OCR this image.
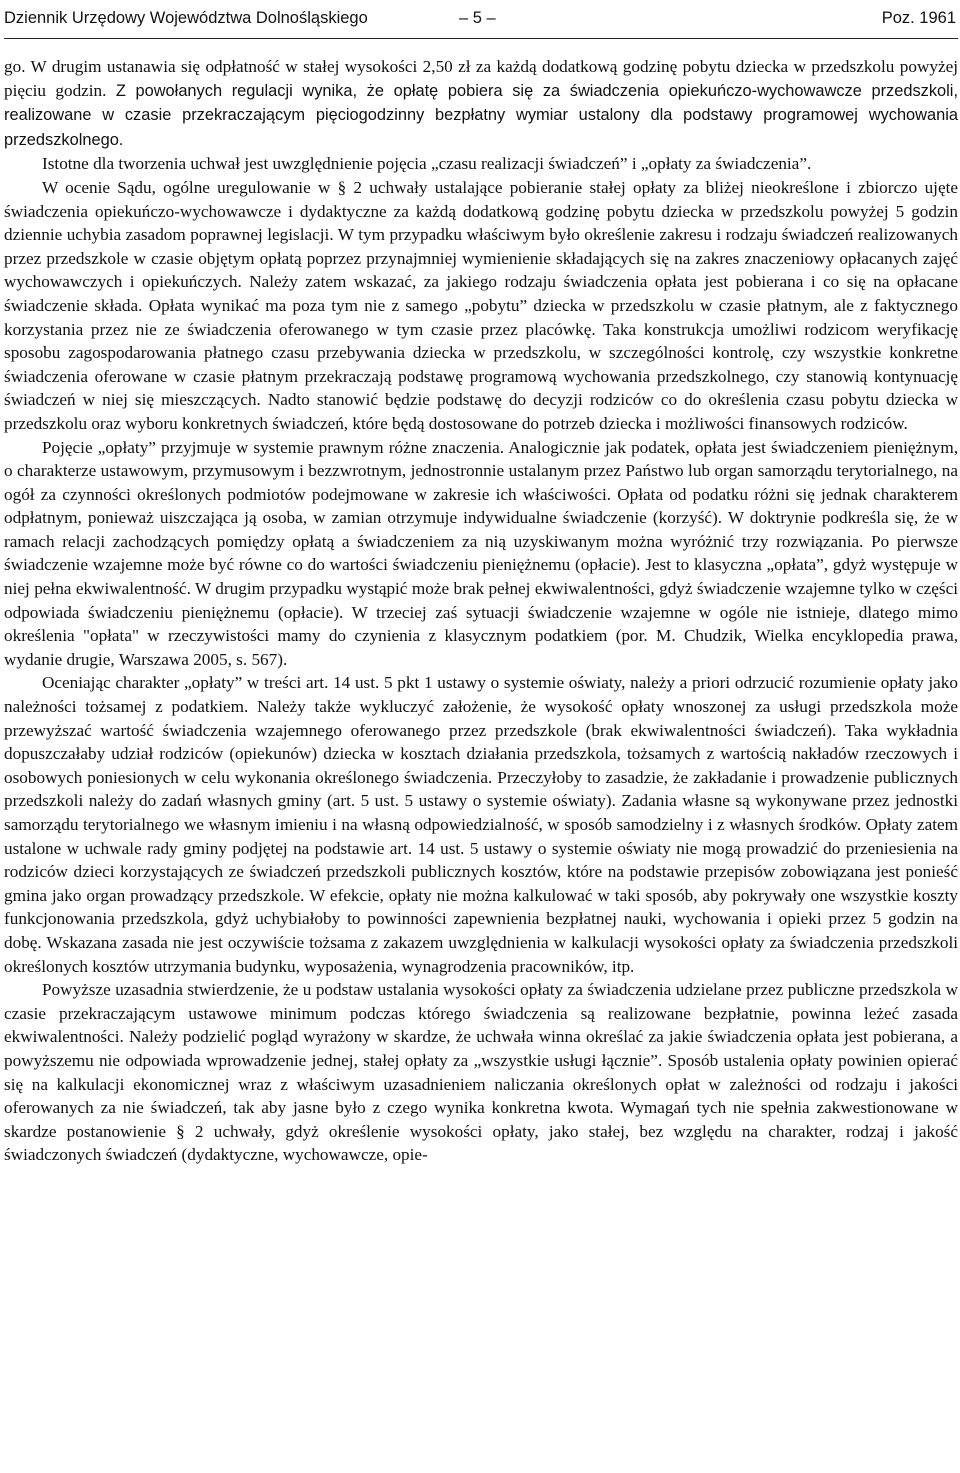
Dziennik Urzędowy Województwa Dolnośląskiego	– 5 –	Poz. 1961

go. W drugim ustanawia się odpłatność w stałej wysokości 2,50 zł za każdą dodatkową godzinę pobytu dziecka w przedszkolu powyżej pięciu godzin. Z powołanych regulacji wynika, że opłatę pobiera się za świadczenia opiekuńczo-wychowawcze przedszkoli, realizowane w czasie przekraczającym pięciogodzinny bezpłatny wymiar ustalony dla podstawy programowej wychowania przedszkolnego.

Istotne dla tworzenia uchwał jest uwzględnienie pojęcia „czasu realizacji świadczeń” i „opłaty za świadczenia”.

W ocenie Sądu, ogólne uregulowanie w § 2 uchwały ustalające pobieranie stałej opłaty za bliżej nieokreślone i zbiorczo ujęte świadczenia opiekuńczo-wychowawcze i dydaktyczne za każdą dodatkową godzinę pobytu dziecka w przedszkolu powyżej 5 godzin dziennie uchybia zasadom poprawnej legislacji. W tym przypadku właściwym było określenie zakresu i rodzaju świadczeń realizowanych przez przedszkole w czasie objętym opłatą poprzez przynajmniej wymienienie składających się na zakres znaczeniowy opłacanych zajęć wychowawczych i opiekuńczych. Należy zatem wskazać, za jakiego rodzaju świadczenia opłata jest pobierana i co się na opłacane świadczenie składa. Opłata wynikać ma poza tym nie z samego „pobytu” dziecka w przedszkolu w czasie płatnym, ale z faktycznego korzystania przez nie ze świadczenia oferowanego w tym czasie przez placówkę. Taka konstrukcja umożliwi rodzicom weryfikację sposobu zagospodarowania płatnego czasu przebywania dziecka w przedszkolu, w szczególności kontrolę, czy wszystkie konkretne świadczenia oferowane w czasie płatnym przekraczają podstawę programową wychowania przedszkolnego, czy stanowią kontynuację świadczeń w niej się mieszczących. Nadto stanowić będzie podstawę do decyzji rodziców co do określenia czasu pobytu dziecka w przedszkolu oraz wyboru konkretnych świadczeń, które będą dostosowane do potrzeb dziecka i możliwości finansowych rodziców.

Pojęcie „opłaty” przyjmuje w systemie prawnym różne znaczenia. Analogicznie jak podatek, opłata jest świadczeniem pieniężnym, o charakterze ustawowym, przymusowym i bezzwrotnym, jednostronnie ustalanym przez Państwo lub organ samorządu terytorialnego, na ogół za czynności określonych podmiotów podejmowane w zakresie ich właściwości. Opłata od podatku różni się jednak charakterem odpłatnym, ponieważ uiszczająca ją osoba, w zamian otrzymuje indywidualne świadczenie (korzyść). W doktrynie podkreśla się, że w ramach relacji zachodzących pomiędzy opłatą a świadczeniem za nią uzyskiwanym można wyróżnić trzy rozwiązania. Po pierwsze świadczenie wzajemne może być równe co do wartości świadczeniu pieniężnemu (opłacie). Jest to klasyczna „opłata”, gdyż występuje w niej pełna ekwiwalentność. W drugim przypadku wystąpić może brak pełnej ekwiwalentności, gdyż świadczenie wzajemne tylko w części odpowiada świadczeniu pieniężnemu (opłacie). W trzeciej zaś sytuacji świadczenie wzajemne w ogóle nie istnieje, dlatego mimo określenia "opłata" w rzeczywistości mamy do czynienia z klasycznym podatkiem (por. M. Chudzik, Wielka encyklopedia prawa, wydanie drugie, Warszawa 2005, s. 567).

Oceniając charakter „opłaty” w treści art. 14 ust. 5 pkt 1 ustawy o systemie oświaty, należy a priori odrzucić rozumienie opłaty jako należności tożsamej z podatkiem. Należy także wykluczyć założenie, że wysokość opłaty wnoszonej za usługi przedszkola może przewyższać wartość świadczenia wzajemnego oferowanego przez przedszkole (brak ekwiwalentności świadczeń). Taka wykładnia dopuszczałaby udział rodziców (opiekunów) dziecka w kosztach działania przedszkola, tożsamych z wartością nakładów rzeczowych i osobowych poniesionych w celu wykonania określonego świadczenia. Przeczyłoby to zasadzie, że zakładanie i prowadzenie publicznych przedszkoli należy do zadań własnych gminy (art. 5 ust. 5 ustawy o systemie oświaty). Zadania własne są wykonywane przez jednostki samorządu terytorialnego we własnym imieniu i na własną odpowiedzialność, w sposób samodzielny i z własnych środków. Opłaty zatem ustalone w uchwale rady gminy podjętej na podstawie art. 14 ust. 5 ustawy o systemie oświaty nie mogą prowadzić do przeniesienia na rodziców dzieci korzystających ze świadczeń przedszkoli publicznych kosztów, które na podstawie przepisów zobowiązana jest ponieść gmina jako organ prowadzący przedszkole. W efekcie, opłaty nie można kalkulować w taki sposób, aby pokrywały one wszystkie koszty funkcjonowania przedszkola, gdyż uchybiałoby to powinności zapewnienia bezpłatnej nauki, wychowania i opieki przez 5 godzin na dobę. Wskazana zasada nie jest oczywiście tożsama z zakazem uwzględnienia w kalkulacji wysokości opłaty za świadczenia przedszkoli określonych kosztów utrzymania budynku, wyposażenia, wynagrodzenia pracowników, itp.

Powyższe uzasadnia stwierdzenie, że u podstaw ustalania wysokości opłaty za świadczenia udzielane przez publiczne przedszkola w czasie przekraczającym ustawowe minimum podczas którego świadczenia są realizowane bezpłatnie, powinna leżeć zasada ekwiwalentności. Należy podzielić pogląd wyrażony w skardze, że uchwała winna określać za jakie świadczenia opłata jest pobierana, a powyższemu nie odpowiada wprowadzenie jednej, stałej opłaty za „wszystkie usługi łącznie”. Sposób ustalenia opłaty powinien opierać się na kalkulacji ekonomicznej wraz z właściwym uzasadnieniem naliczania określonych opłat w zależności od rodzaju i jakości oferowanych za nie świadczeń, tak aby jasne było z czego wynika konkretna kwota. Wymagań tych nie spełnia zakwestionowane w skardze postanowienie § 2 uchwały, gdyż określenie wysokości opłaty, jako stałej, bez względu na charakter, rodzaj i jakość świadczonych świadczeń (dydaktyczne, wychowawcze, opie-
